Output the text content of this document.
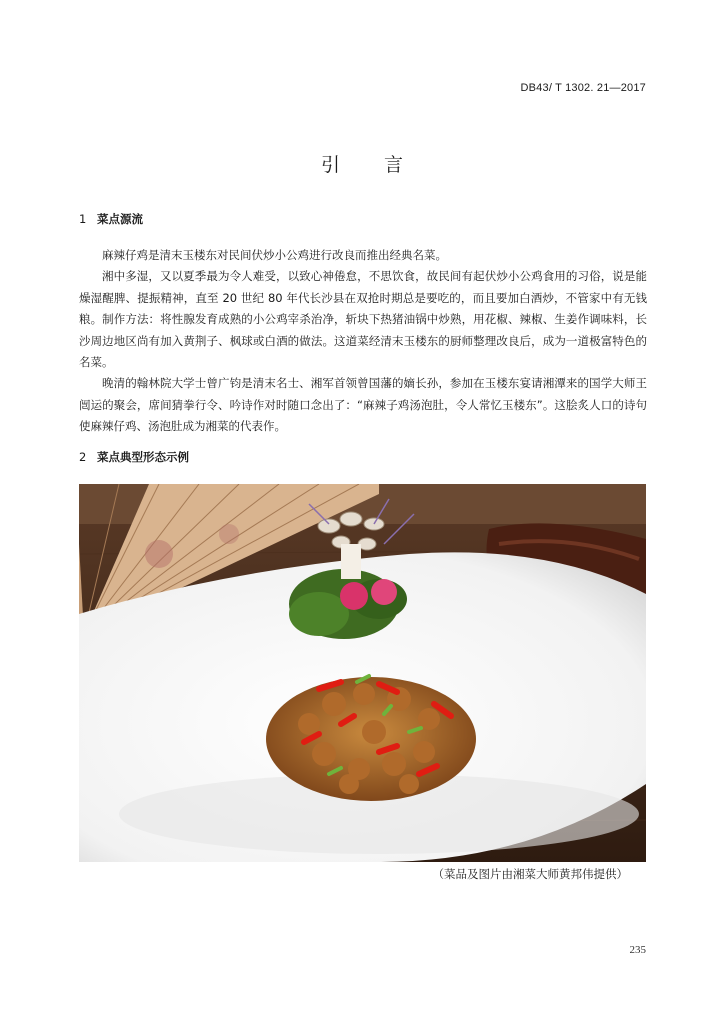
DB43/ T 1302. 21—2017
引 言
1 菜点源流

麻辣仔鸡是清末玉楼东对民间伏炒小公鸡进行改良而推出经典名菜。

湘中多湿，又以夏季最为令人难受，以致心神倦怠，不思饮食，故民间有起伏炒小公鸡食用的习俗，说是能燥湿醒脾、提振精神，直至 20 世纪 80 年代长沙县在双抢时期总是要吃的，而且要加白酒炒，不管家中有无钱粮。制作方法：将性腺发育成熟的小公鸡宰杀治净，斩块下热猪油锅中炒熟，用花椒、辣椒、生姜作调味料，长沙周边地区尚有加入黄荆子、枫球或白酒的做法。这道菜经清末玉楼东的厨师整理改良后，成为一道极富特色的名菜。

晚清的翰林院大学士曾广钧是清末名士、湘军首领曾国藩的嫡长孙，参加在玉楼东宴请湘潭来的国学大师王闿运的聚会，席间猜拳行令、吟诗作对时随口念出了：“麻辣子鸡汤泡肚，令人常忆玉楼东”。这脍炙人口的诗句使麻辣仔鸡、汤泡肚成为湘菜的代表作。

2 菜点典型形态示例
（菜品及图片由湘菜大师黄邦伟提供）
235
